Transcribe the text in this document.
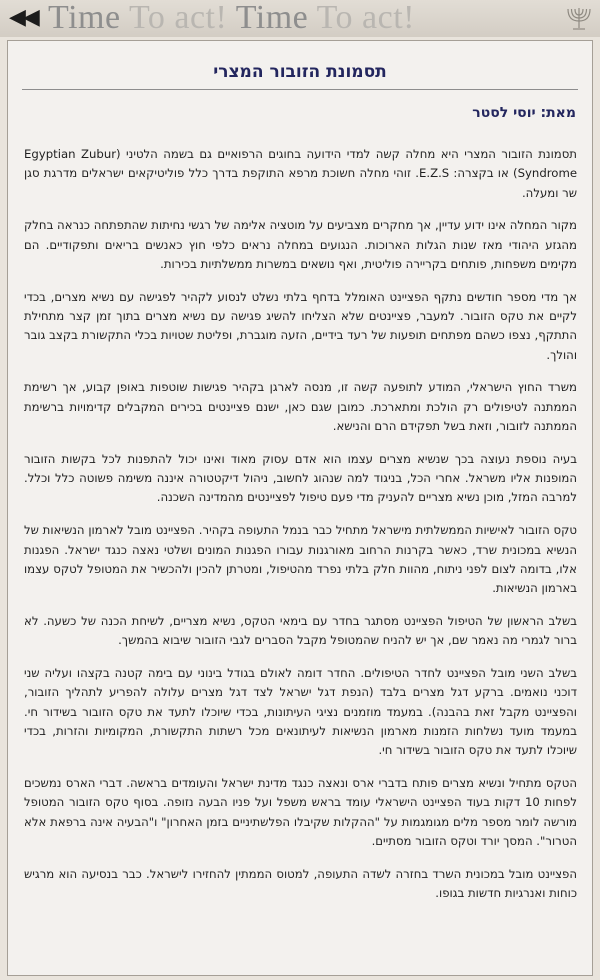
◀◀ Time To act! Time To act!
תסמונת הזובור המצרי
מאת: יוסי לסטר

תסמונת הזובור המצרי היא מחלה קשה למדי הידועה בחוגים הרפואיים גם בשמה הלטיני (Egyptian Zubur Syndrome) או בקצרה: E.Z.S. זוהי מחלה חשוכת מרפא התוקפת בדרך כלל פוליטיקאים ישראלים מדרגת סגן שר ומעלה.

מקור המחלה אינו ידוע עדיין, אך מחקרים מצביעים על מוטציה אלימה של רגשי נחיתות שהתפתחה כנראה בחלק מהגזע היהודי מאז שנות הגלות הארוכות. הנגועים במחלה נראים כלפי חוץ כאנשים בריאים ותפקודיים. הם מקימים משפחות, פותחים בקריירה פוליטית, ואף נושאים במשרות ממשלתיות בכירות.

אך מדי מספר חודשים נתקף הפציינט האומלל בדחף בלתי נשלט לנסוע לקהיר לפגישה עם נשיא מצרים, בכדי לקיים את טקס הזובור. למעבר, פציינטים שלא הצליחו להשיג פגישה עם נשיא מצרים בתוך זמן קצר מתחילת התתקף, נצפו כשהם מפתחים תופעות של רעד בידיים, הזעה מוגברת, ופליטת שטויות בכלי התקשורת בקצב גובר והולך.

משרד החוץ הישראלי, המודע לתופעה קשה זו, מנסה לארגן בקהיר פגישות שוטפות באופן קבוע, אך רשימת הממתנה לטיפולים רק הולכת ומתארכת. כמובן שגם כאן, ישנם פציינטים בכירים המקבלים קדימויות ברשימת הממתנה לזובור, וזאת בשל תפקידם הרם והנישא.

בעיה נוספת נעוצה בכך שנשיא מצרים עצמו הוא אדם עסוק מאוד ואינו יכול להתפנות לכל בקשות הזובור המופנות אליו משראל. אחרי הכל, בניגוד למה שנהוג לחשוב, ניהול דיקטטורה איננה משימה פשוטה כלל וכלל. למרבה המזל, מוכן נשיא מצריים להעניק מדי פעם טיפול לפציינטים מהמדינה השכנה.

טקס הזובור לאישיות הממשלתית מישראל מתחיל כבר בנמל התעופה בקהיר. הפציינט מובל לארמון הנשיאות של הנשיא במכונית שרד, כאשר בקרנות הרחוב מאורגנות עבורו הפגנות המונים ושלטי נאצה כנגד ישראל. הפגנות אלו, בדומה לצום לפני ניתוח, מהוות חלק בלתי נפרד מהטיפול, ומטרתן להכין ולהכשיר את המטופל לטקס עצמו בארמון הנשיאות.

בשלב הראשון של הטיפול הפציינט מסתגר בחדר עם בימאי הטקס, נשיא מצריים, לשיחת הכנה של כשעה. לא ברור לגמרי מה נאמר שם, אך יש להניח שהמטופל מקבל הסברים לגבי הזובור שיבוא בהמשך.

בשלב השני מובל הפציינט לחדר הטיפולים. החדר דומה לאולם בגודל בינוני עם בימה קטנה בקצהו ועליה שני דוכני נואמים. ברקע דגל מצרים בלבד (הנפת דגל ישראל לצד דגל מצרים עלולה להפריע לתהליך הזובור, והפציינט מקבל זאת בהבנה). במעמד מוזמנים נציגי העיתונות, בכדי שיוכלו לתעד את טקס הזובור בשידור חי. במעמד מועד נשלחות הזמנות מארמון הנשיאות לעיתונאים מכל רשתות התקשורת, המקומיות והזרות, בכדי שיוכלו לתעד את טקס הזובור בשידור חי.

הטקס מתחיל ונשיא מצרים פותח בדברי ארס ונאצה כנגד מדינת ישראל והעומדים בראשה. דברי הארס נמשכים לפחות 10 דקות בעוד הפציינט הישראלי עומד בראש משפל ועל פניו הבעה נזופה. בסוף טקס הזובור המטופל מורשה לומר מספר מלים מגומגמות על "ההקלות שקיבלו הפלשתיניים בזמן האחרון" ו"הבעיה אינה ברפאת אלא הטרור". המסך יורד וטקס הזובור מסתיים.

הפציינט מובל במכונית השרד בחזרה לשדה התעופה, למטוס הממתין להחזירו לישראל. כבר בנסיעה הוא מרגיש כוחות ואנרגיות חדשות בגופו.
